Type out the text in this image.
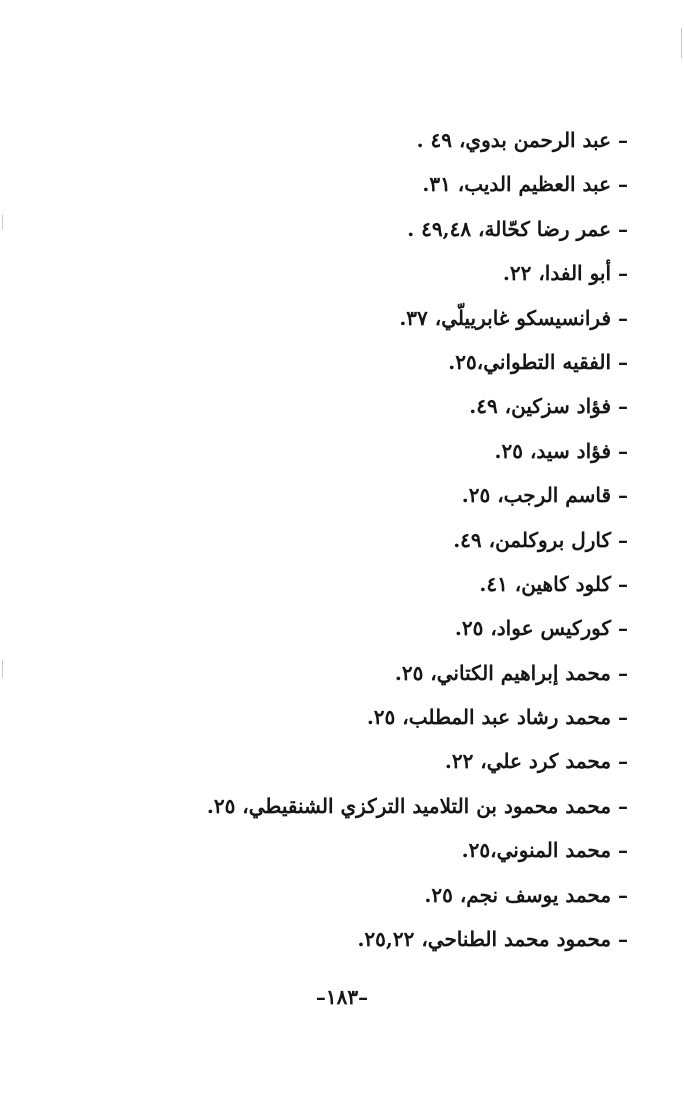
– عبد الرحمن بدوي، ٤٩ .
– عبد العظيم الديب، ٣١.
– عمر رضا كحّالة، ٤٩,٤٨ .
– أبو الفدا، ٢٢.
– فرانسيسكو غابرييلّي، ٣٧.
– الفقيه التطواني،٢٥.
– فؤاد سزكين، ٤٩.
– فؤاد سيد، ٢٥.
– قاسم الرجب، ٢٥.
– كارل بروكلمن، ٤٩.
– كلود كاهين، ٤١.
– كوركيس عواد، ٢٥.
– محمد إبراهيم الكتاني، ٢٥.
– محمد رشاد عبد المطلب، ٢٥.
– محمد كرد علي، ٢٢.
– محمد محمود بن التلاميد التركزي الشنقيطي، ٢٥.
– محمد المنوني،٢٥.
– محمد يوسف نجم، ٢٥.
– محمود محمد الطناحي، ٢٥,٢٢.
–١٨٣–
